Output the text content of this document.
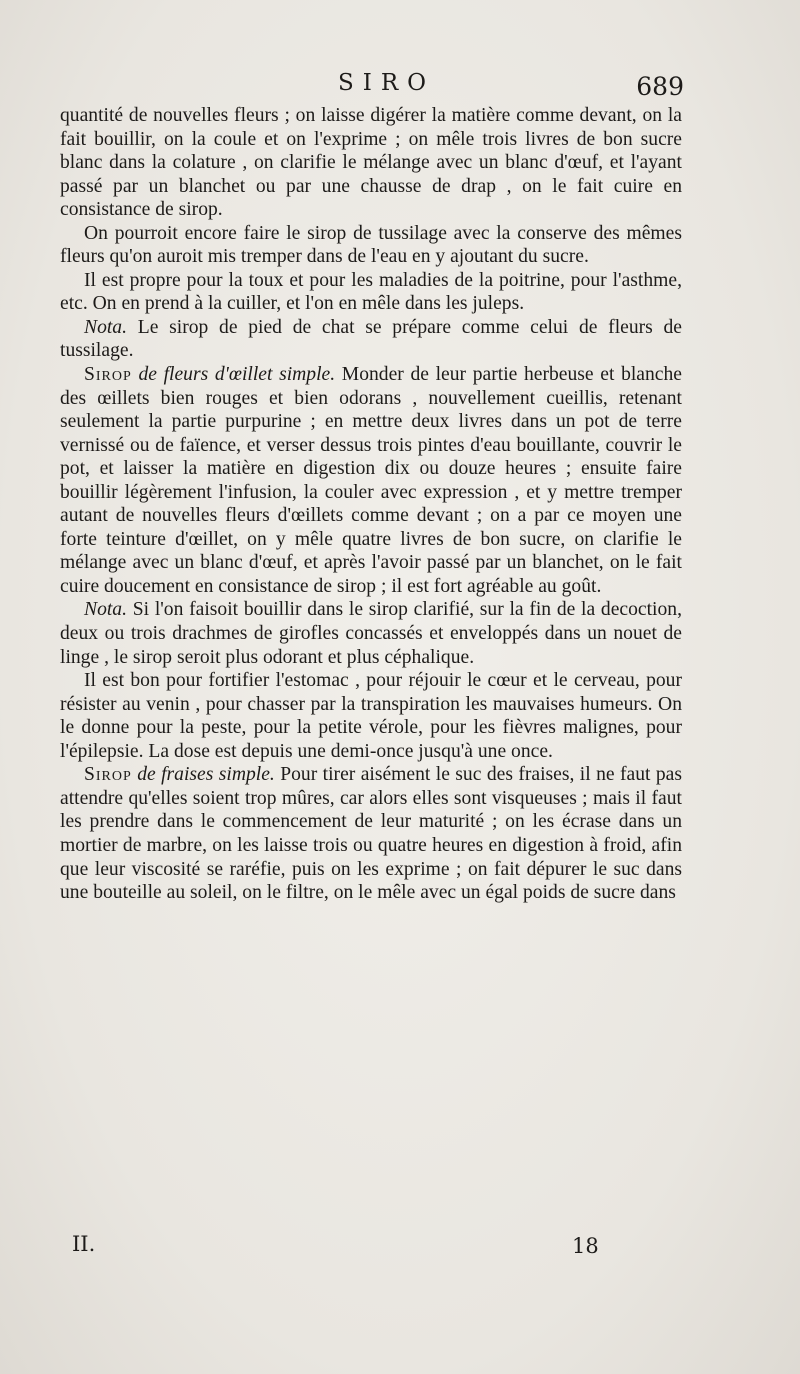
SIRO	689

quantité de nouvelles fleurs ; on laisse digérer la matière comme devant, on la fait bouillir, on la coule et on l'exprime ; on mêle trois livres de bon sucre blanc dans la colature , on clarifie le mélange avec un blanc d'œuf, et l'ayant passé par un blanchet ou par une chausse de drap , on le fait cuire en consistance de sirop.

On pourroit encore faire le sirop de tussilage avec la conserve des mêmes fleurs qu'on auroit mis tremper dans de l'eau en y ajoutant du sucre.

Il est propre pour la toux et pour les maladies de la poitrine, pour l'asthme, etc. On en prend à la cuiller, et l'on en mêle dans les juleps.

Nota. Le sirop de pied de chat se prépare comme celui de fleurs de tussilage.

Sirop de fleurs d'œillet simple. Monder de leur partie herbeuse et blanche des œillets bien rouges et bien odorans , nouvellement cueillis, retenant seulement la partie purpurine ; en mettre deux livres dans un pot de terre vernissé ou de faïence, et verser dessus trois pintes d'eau bouillante, couvrir le pot, et laisser la matière en digestion dix ou douze heures ; ensuite faire bouillir légèrement l'infusion, la couler avec expression , et y mettre tremper autant de nouvelles fleurs d'œillets comme devant ; on a par ce moyen une forte teinture d'œillet, on y mêle quatre livres de bon sucre, on clarifie le mélange avec un blanc d'œuf, et après l'avoir passé par un blanchet, on le fait cuire doucement en consistance de sirop ; il est fort agréable au goût.

Nota. Si l'on faisoit bouillir dans le sirop clarifié, sur la fin de la decoction, deux ou trois drachmes de girofles concassés et enveloppés dans un nouet de linge , le sirop seroit plus odorant et plus céphalique.

Il est bon pour fortifier l'estomac , pour réjouir le cœur et le cerveau, pour résister au venin , pour chasser par la transpiration les mauvaises humeurs. On le donne pour la peste, pour la petite vérole, pour les fièvres malignes, pour l'épilepsie. La dose est depuis une demi-once jusqu'à une once.

Sirop de fraises simple. Pour tirer aisément le suc des fraises, il ne faut pas attendre qu'elles soient trop mûres, car alors elles sont visqueuses ; mais il faut les prendre dans le commencement de leur maturité ; on les écrase dans un mortier de marbre, on les laisse trois ou quatre heures en digestion à froid, afin que leur viscosité se raréfie, puis on les exprime ; on fait dépurer le suc dans une bouteille au soleil, on le filtre, on le mêle avec un égal poids de sucre dans

II.	18
